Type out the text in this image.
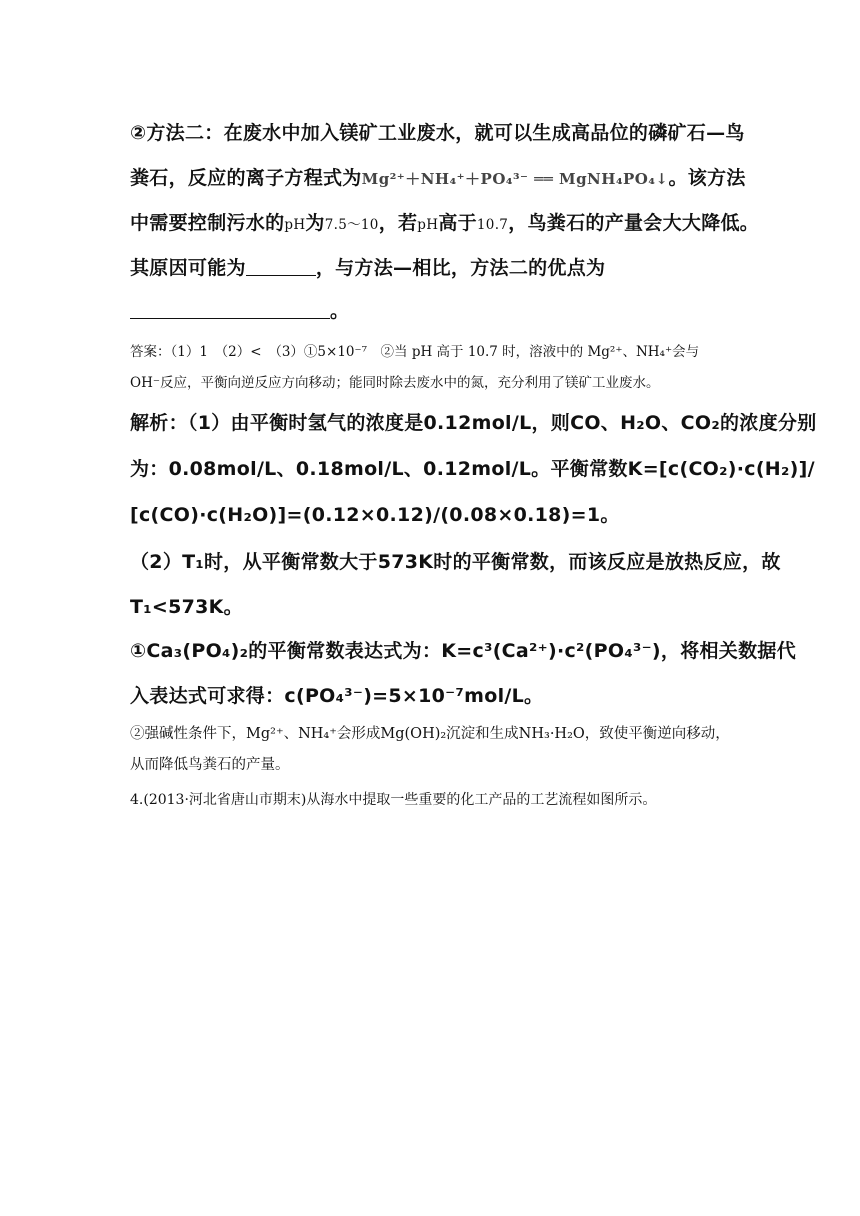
②方法二：在废水中加入镁矿工业废水，就可以生成高品位的磷矿石—鸟
粪石，反应的离子方程式为Mg²⁺＋NH₄⁺＋PO₄³⁻ ══ MgNH₄PO₄↓。该方法
中需要控制污水的pH为7.5～10，若pH高于10.7，鸟粪石的产量会大大降低。
其原因可能为	，与方法—相比，方法二的优点为
。
答案：（1）1　（2）<　（3）①5×10⁻⁷　②当 pH 高于 10.7 时，溶液中的 Mg²⁺、NH₄⁺会与
OH⁻反应，平衡向逆反应方向移动；能同时除去废水中的氮，充分利用了镁矿工业废水。
解析：（1）由平衡时氢气的浓度是0.12mol/L，则CO、H₂O、CO₂的浓度分别
为：0.08mol/L、0.18mol/L、0.12mol/L。平衡常数K=[c(CO₂)·c(H₂)]/
[c(CO)·c(H₂O)]=(0.12×0.12)/(0.08×0.18)=1。
（2）T₁时，从平衡常数大于573K时的平衡常数，而该反应是放热反应，故
T₁<573K。
①Ca₃(PO₄)₂的平衡常数表达式为：K=c³(Ca²⁺)·c²(PO₄³⁻)，将相关数据代
入表达式可求得：c(PO₄³⁻)=5×10⁻⁷mol/L。
②强碱性条件下，Mg²⁺、NH₄⁺会形成Mg(OH)₂沉淀和生成NH₃·H₂O，致使平衡逆向移动，
从而降低鸟粪石的产量。
4.(2013·河北省唐山市期末)从海水中提取一些重要的化工产品的工艺流程如图所示。
